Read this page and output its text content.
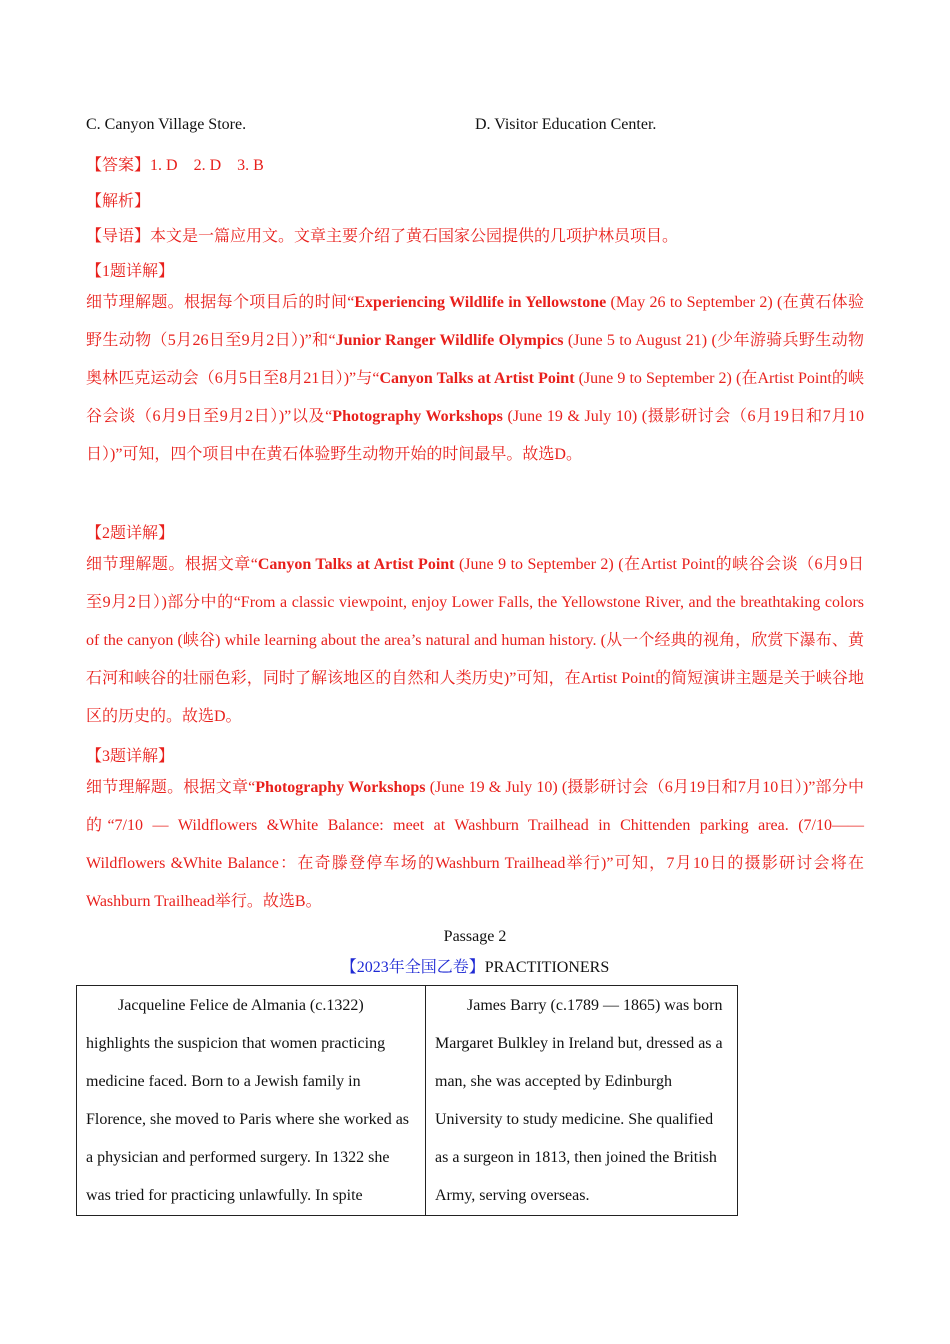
C. Canyon Village Store.	D. Visitor Education Center.
【答案】1. D    2. D    3. B
【解析】
【导语】本文是一篇应用文。文章主要介绍了黄石国家公园提供的几项护林员项目。
【1题详解】

细节理解题。根据每个项目后的时间“Experiencing Wildlife in Yellowstone (May 26 to September 2) (在黄石体验野生动物（5月26日至9月2日）)”和“Junior Ranger Wildlife Olympics (June 5 to August 21) (少年游骑兵野生动物奥林匹克运动会（6月5日至8月21日）)”与“Canyon Talks at Artist Point (June 9 to September 2) (在Artist Point的峡谷会谈（6月9日至9月2日）)”以及“Photography Workshops (June 19 & July 10) (摄影研讨会（6月19日和7月10日）)”可知，四个项目中在黄石体验野生动物开始的时间最早。故选D。

【2题详解】

细节理解题。根据文章“Canyon Talks at Artist Point (June 9 to September 2) (在Artist Point的峡谷会谈（6月9日至9月2日）)部分中的“From a classic viewpoint, enjoy Lower Falls, the Yellowstone River, and the breathtaking colors of the canyon (峡谷) while learning about the area’s natural and human history. (从一个经典的视角，欣赏下瀑布、黄石河和峡谷的壮丽色彩，同时了解该地区的自然和人类历史)”可知，在Artist Point的简短演讲主题是关于峡谷地区的历史的。故选D。

【3题详解】

细节理解题。根据文章“Photography Workshops (June 19 & July 10) (摄影研讨会（6月19日和7月10日）)”部分中的“7/10 — Wildflowers &White Balance: meet at Washburn Trailhead in Chittenden parking area. (7/10——Wildflowers &White Balance：在奇滕登停车场的Washburn Trailhead举行)”可知，7月10日的摄影研讨会将在Washburn Trailhead举行。故选B。

Passage 2
【2023年全国乙卷】PRACTITIONERS

Jacqueline Felice de Almania (c.1322) highlights the suspicion that women practicing medicine faced. Born to a Jewish family in Florence, she moved to Paris where she worked as a physician and performed surgery. In 1322 she was tried for practicing unlawfully. In spite

James Barry (c.1789 — 1865) was born Margaret Bulkley in Ireland but, dressed as a man, she was accepted by Edinburgh University to study medicine. She qualified as a surgeon in 1813, then joined the British Army, serving overseas.
